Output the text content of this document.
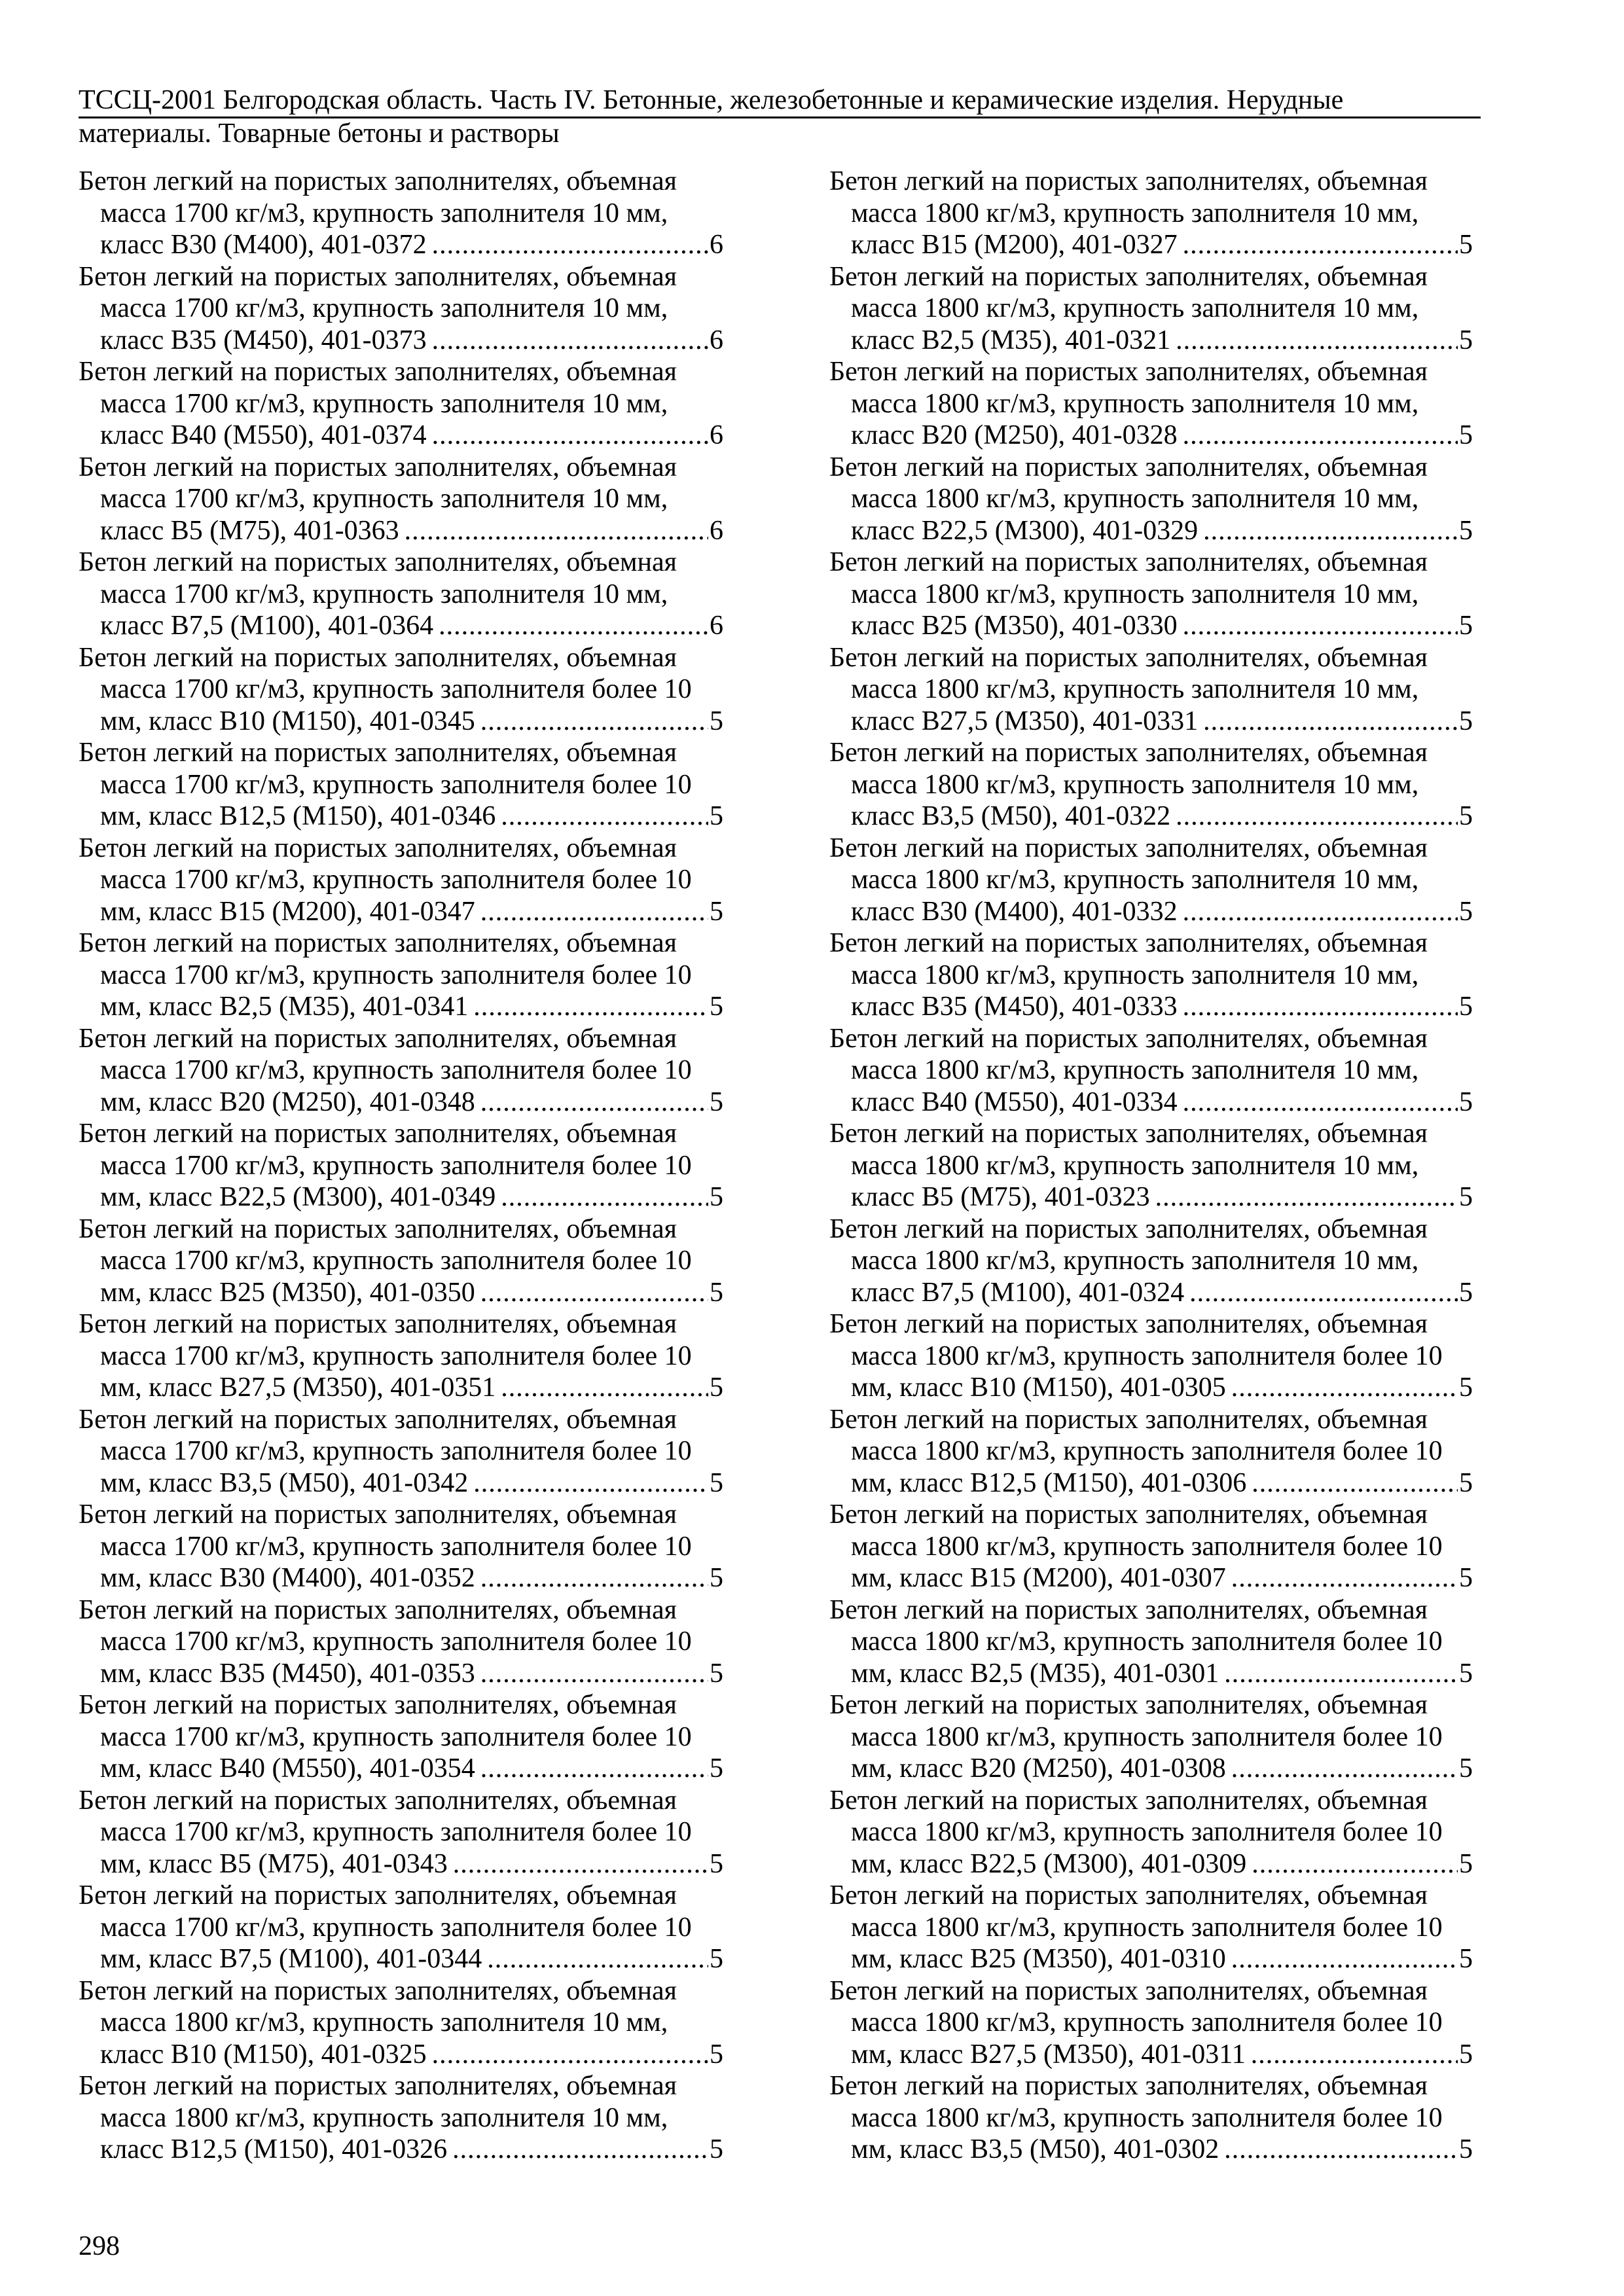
ТССЦ-2001 Белгородская область. Часть IV. Бетонные, железобетонные и керамические изделия. Нерудные
материалы. Товарные бетоны и растворы
Бетон легкий на пористых заполнителях, объемная
масса 1700 кг/м3, крупность заполнителя 10 мм,
класс В30 (М400), 401-0372 .....	6
Бетон легкий на пористых заполнителях, объемная
масса 1700 кг/м3, крупность заполнителя 10 мм,
класс В35 (М450), 401-0373 .....	6
Бетон легкий на пористых заполнителях, объемная
масса 1700 кг/м3, крупность заполнителя 10 мм,
класс В40 (М550), 401-0374 .....	6
Бетон легкий на пористых заполнителях, объемная
масса 1700 кг/м3, крупность заполнителя 10 мм,
класс В5 (М75), 401-0363 .....	6
Бетон легкий на пористых заполнителях, объемная
масса 1700 кг/м3, крупность заполнителя 10 мм,
класс В7,5 (М100), 401-0364 .....	6
Бетон легкий на пористых заполнителях, объемная
масса 1700 кг/м3, крупность заполнителя более 10
мм, класс В10 (М150), 401-0345 .....	5
Бетон легкий на пористых заполнителях, объемная
масса 1700 кг/м3, крупность заполнителя более 10
мм, класс В12,5 (М150), 401-0346 .....	5
Бетон легкий на пористых заполнителях, объемная
масса 1700 кг/м3, крупность заполнителя более 10
мм, класс В15 (М200), 401-0347 .....	5
Бетон легкий на пористых заполнителях, объемная
масса 1700 кг/м3, крупность заполнителя более 10
мм, класс В2,5 (М35), 401-0341 .....	5
Бетон легкий на пористых заполнителях, объемная
масса 1700 кг/м3, крупность заполнителя более 10
мм, класс В20 (М250), 401-0348 .....	5
Бетон легкий на пористых заполнителях, объемная
масса 1700 кг/м3, крупность заполнителя более 10
мм, класс В22,5 (М300), 401-0349 .....	5
Бетон легкий на пористых заполнителях, объемная
масса 1700 кг/м3, крупность заполнителя более 10
мм, класс В25 (М350), 401-0350 .....	5
Бетон легкий на пористых заполнителях, объемная
масса 1700 кг/м3, крупность заполнителя более 10
мм, класс В27,5 (М350), 401-0351 .....	5
Бетон легкий на пористых заполнителях, объемная
масса 1700 кг/м3, крупность заполнителя более 10
мм, класс В3,5 (М50), 401-0342 .....	5
Бетон легкий на пористых заполнителях, объемная
масса 1700 кг/м3, крупность заполнителя более 10
мм, класс В30 (М400), 401-0352 .....	5
Бетон легкий на пористых заполнителях, объемная
масса 1700 кг/м3, крупность заполнителя более 10
мм, класс В35 (М450), 401-0353 .....	5
Бетон легкий на пористых заполнителях, объемная
масса 1700 кг/м3, крупность заполнителя более 10
мм, класс В40 (М550), 401-0354 .....	5
Бетон легкий на пористых заполнителях, объемная
масса 1700 кг/м3, крупность заполнителя более 10
мм, класс В5 (М75), 401-0343 .....	5
Бетон легкий на пористых заполнителях, объемная
масса 1700 кг/м3, крупность заполнителя более 10
мм, класс В7,5 (М100), 401-0344 .....	5
Бетон легкий на пористых заполнителях, объемная
масса 1800 кг/м3, крупность заполнителя 10 мм,
класс В10 (М150), 401-0325 .....	5
Бетон легкий на пористых заполнителях, объемная
масса 1800 кг/м3, крупность заполнителя 10 мм,
класс В12,5 (М150), 401-0326 .....	5
Бетон легкий на пористых заполнителях, объемная
масса 1800 кг/м3, крупность заполнителя 10 мм,
класс В15 (М200), 401-0327 .....	5
Бетон легкий на пористых заполнителях, объемная
масса 1800 кг/м3, крупность заполнителя 10 мм,
класс В2,5 (М35), 401-0321 .....	5
Бетон легкий на пористых заполнителях, объемная
масса 1800 кг/м3, крупность заполнителя 10 мм,
класс В20 (М250), 401-0328 .....	5
Бетон легкий на пористых заполнителях, объемная
масса 1800 кг/м3, крупность заполнителя 10 мм,
класс В22,5 (М300), 401-0329 .....	5
Бетон легкий на пористых заполнителях, объемная
масса 1800 кг/м3, крупность заполнителя 10 мм,
класс В25 (М350), 401-0330 .....	5
Бетон легкий на пористых заполнителях, объемная
масса 1800 кг/м3, крупность заполнителя 10 мм,
класс В27,5 (М350), 401-0331 .....	5
Бетон легкий на пористых заполнителях, объемная
масса 1800 кг/м3, крупность заполнителя 10 мм,
класс В3,5 (М50), 401-0322 .....	5
Бетон легкий на пористых заполнителях, объемная
масса 1800 кг/м3, крупность заполнителя 10 мм,
класс В30 (М400), 401-0332 .....	5
Бетон легкий на пористых заполнителях, объемная
масса 1800 кг/м3, крупность заполнителя 10 мм,
класс В35 (М450), 401-0333 .....	5
Бетон легкий на пористых заполнителях, объемная
масса 1800 кг/м3, крупность заполнителя 10 мм,
класс В40 (М550), 401-0334 .....	5
Бетон легкий на пористых заполнителях, объемная
масса 1800 кг/м3, крупность заполнителя 10 мм,
класс В5 (М75), 401-0323 .....	5
Бетон легкий на пористых заполнителях, объемная
масса 1800 кг/м3, крупность заполнителя 10 мм,
класс В7,5 (М100), 401-0324 .....	5
Бетон легкий на пористых заполнителях, объемная
масса 1800 кг/м3, крупность заполнителя более 10
мм, класс В10 (М150), 401-0305 .....	5
Бетон легкий на пористых заполнителях, объемная
масса 1800 кг/м3, крупность заполнителя более 10
мм, класс В12,5 (М150), 401-0306 .....	5
Бетон легкий на пористых заполнителях, объемная
масса 1800 кг/м3, крупность заполнителя более 10
мм, класс В15 (М200), 401-0307 .....	5
Бетон легкий на пористых заполнителях, объемная
масса 1800 кг/м3, крупность заполнителя более 10
мм, класс В2,5 (М35), 401-0301 .....	5
Бетон легкий на пористых заполнителях, объемная
масса 1800 кг/м3, крупность заполнителя более 10
мм, класс В20 (М250), 401-0308 .....	5
Бетон легкий на пористых заполнителях, объемная
масса 1800 кг/м3, крупность заполнителя более 10
мм, класс В22,5 (М300), 401-0309 .....	5
Бетон легкий на пористых заполнителях, объемная
масса 1800 кг/м3, крупность заполнителя более 10
мм, класс В25 (М350), 401-0310 .....	5
Бетон легкий на пористых заполнителях, объемная
масса 1800 кг/м3, крупность заполнителя более 10
мм, класс В27,5 (М350), 401-0311 .....	5
Бетон легкий на пористых заполнителях, объемная
масса 1800 кг/м3, крупность заполнителя более 10
мм, класс В3,5 (М50), 401-0302 .....	5
298
